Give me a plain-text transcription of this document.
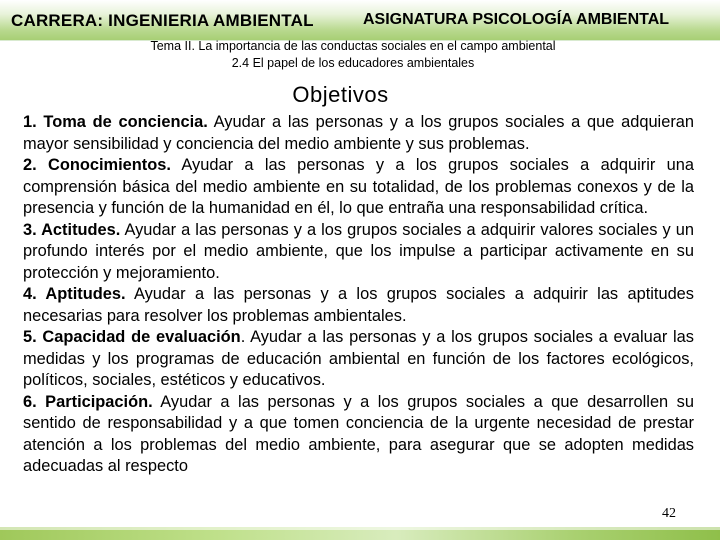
CARRERA: INGENIERIA AMBIENTAL	ASIGNATURA PSICOLOGÍA AMBIENTAL
Tema II. La importancia de las conductas sociales en el campo ambiental
2.4 El papel de los educadores ambientales
Objetivos

1. Toma de conciencia. Ayudar a las personas y a los grupos sociales a que adquieran mayor sensibilidad y conciencia del medio ambiente y sus problemas.

2. Conocimientos. Ayudar a las personas y a los grupos sociales a adquirir una comprensión básica del medio ambiente en su totalidad, de los problemas conexos y de la presencia y función de la humanidad en él, lo que entraña una responsabilidad crítica.

3. Actitudes. Ayudar a las personas y a los grupos sociales a adquirir valores sociales y un profundo interés por el medio ambiente, que los impulse a participar activamente en su protección y mejoramiento.

4. Aptitudes. Ayudar a las personas y a los grupos sociales a adquirir las aptitudes necesarias para resolver los problemas ambientales.

5. Capacidad de evaluación. Ayudar a las personas y a los grupos sociales a evaluar las medidas y los programas de educación ambiental en función de los factores ecológicos, políticos, sociales, estéticos y educativos.

6. Participación. Ayudar a las personas y a los grupos sociales a que desarrollen su sentido de responsabilidad y a que tomen conciencia de la urgente necesidad de prestar atención a los problemas del medio ambiente, para asegurar que se adopten medidas adecuadas al respecto

42
